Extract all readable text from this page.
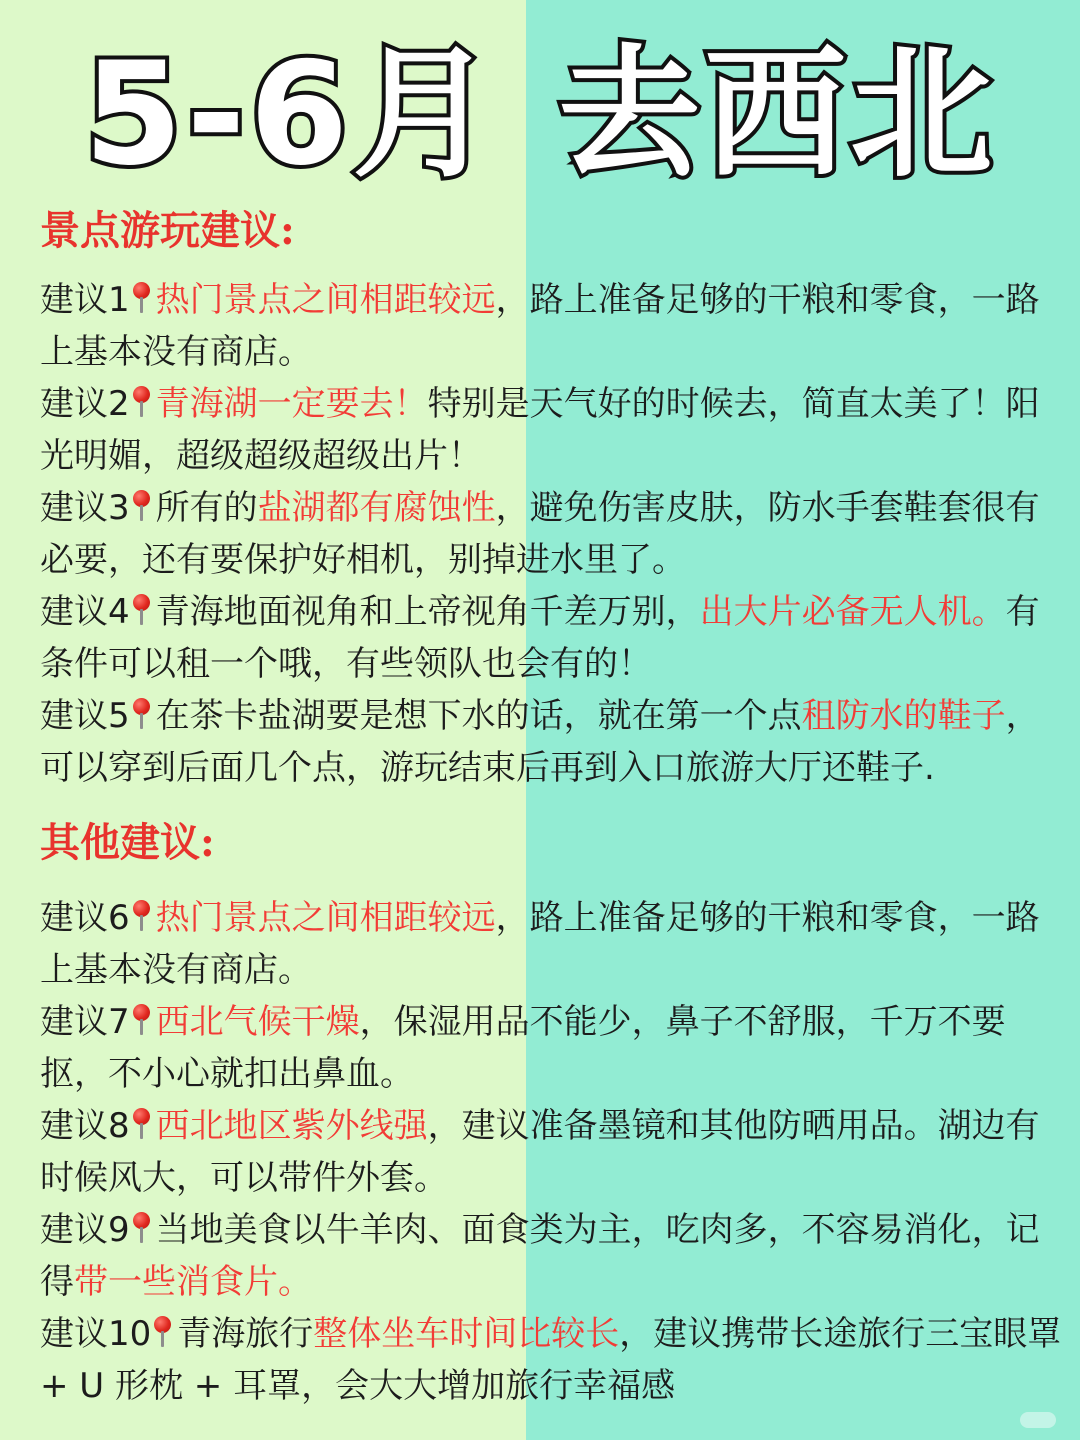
5-6月 去西北
景点游玩建议:

建议1 热门景点之间相距较远，路上准备足够的干粮和零食，一路上基本没有商店。

建议2 青海湖一定要去！特别是天气好的时候去，简直太美了！阳光明媚，超级超级超级出片！

建议3 所有的盐湖都有腐蚀性，避免伤害皮肤，防水手套鞋套很有必要，还有要保护好相机，别掉进水里了。

建议4 青海地面视角和上帝视角千差万别，出大片必备无人机。有条件可以租一个哦，有些领队也会有的！

建议5 在茶卡盐湖要是想下水的话，就在第一个点租防水的鞋子，可以穿到后面几个点，游玩结束后再到入口旅游大厅还鞋子.

其他建议:

建议6 热门景点之间相距较远，路上准备足够的干粮和零食，一路上基本没有商店。

建议7 西北气候干燥，保湿用品不能少，鼻子不舒服，千万不要抠，不小心就扣出鼻血。

建议8 西北地区紫外线强，建议准备墨镜和其他防晒用品。湖边有时候风大，可以带件外套。

建议9 当地美食以牛羊肉、面食类为主，吃肉多，不容易消化，记得带一些消食片。

建议10 青海旅行整体坐车时间比较长，建议携带长途旅行三宝眼罩 + U 形枕 + 耳罩，会大大增加旅行幸福感
